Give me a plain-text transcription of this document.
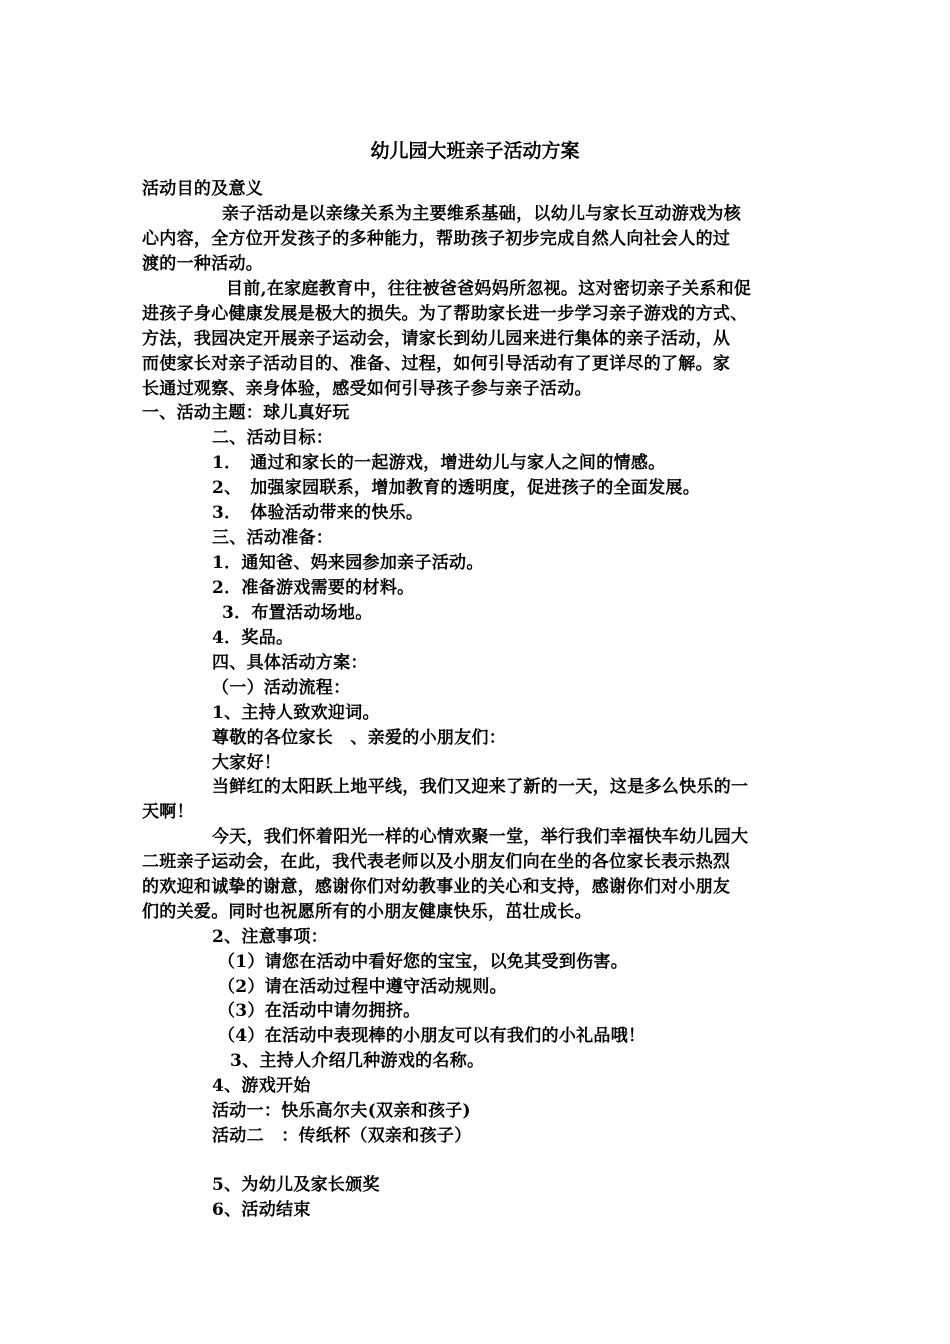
幼儿园大班亲子活动方案
活动目的及意义
亲子活动是以亲缘关系为主要维系基础，以幼儿与家长互动游戏为核
心内容，全方位开发孩子的多种能力，帮助孩子初步完成自然人向社会人的过
渡的一种活动。
目前,在家庭教育中，往往被爸爸妈妈所忽视。这对密切亲子关系和促
进孩子身心健康发展是极大的损失。为了帮助家长进一步学习亲子游戏的方式、
方法，我园决定开展亲子运动会，请家长到幼儿园来进行集体的亲子活动，从
而使家长对亲子活动目的、准备、过程，如何引导活动有了更详尽的了解。家
长通过观察、亲身体验，感受如何引导孩子参与亲子活动。
一、活动主题：球儿真好玩
二、活动目标：
1．　通过和家长的一起游戏，增进幼儿与家人之间的情感。
2、　加强家园联系，增加教育的透明度，促进孩子的全面发展。
3．　体验活动带来的快乐。
三、活动准备：
1．通知爸、妈来园参加亲子活动。
2．准备游戏需要的材料。
3．布置活动场地。
4．奖品。
四、具体活动方案：
（一）活动流程：
1、主持人致欢迎词。
尊敬的各位家长　、亲爱的小朋友们：
大家好！
当鲜红的太阳跃上地平线，我们又迎来了新的一天，这是多么快乐的一
天啊！
今天，我们怀着阳光一样的心情欢聚一堂，举行我们幸福快车幼儿园大
二班亲子运动会，在此，我代表老师以及小朋友们向在坐的各位家长表示热烈
的欢迎和诚挚的谢意，感谢你们对幼教事业的关心和支持，感谢你们对小朋友
们的关爱。同时也祝愿所有的小朋友健康快乐，茁壮成长。
2、注意事项：
（1）请您在活动中看好您的宝宝，以免其受到伤害。
（2）请在活动过程中遵守活动规则。
（3）在活动中请勿拥挤。
（4）在活动中表现棒的小朋友可以有我们的小礼品哦！
3、主持人介绍几种游戏的名称。
4、游戏开始
活动一：快乐高尔夫(双亲和孩子)
活动二　：传纸杯（双亲和孩子）
5、为幼儿及家长颁奖
6、活动结束
